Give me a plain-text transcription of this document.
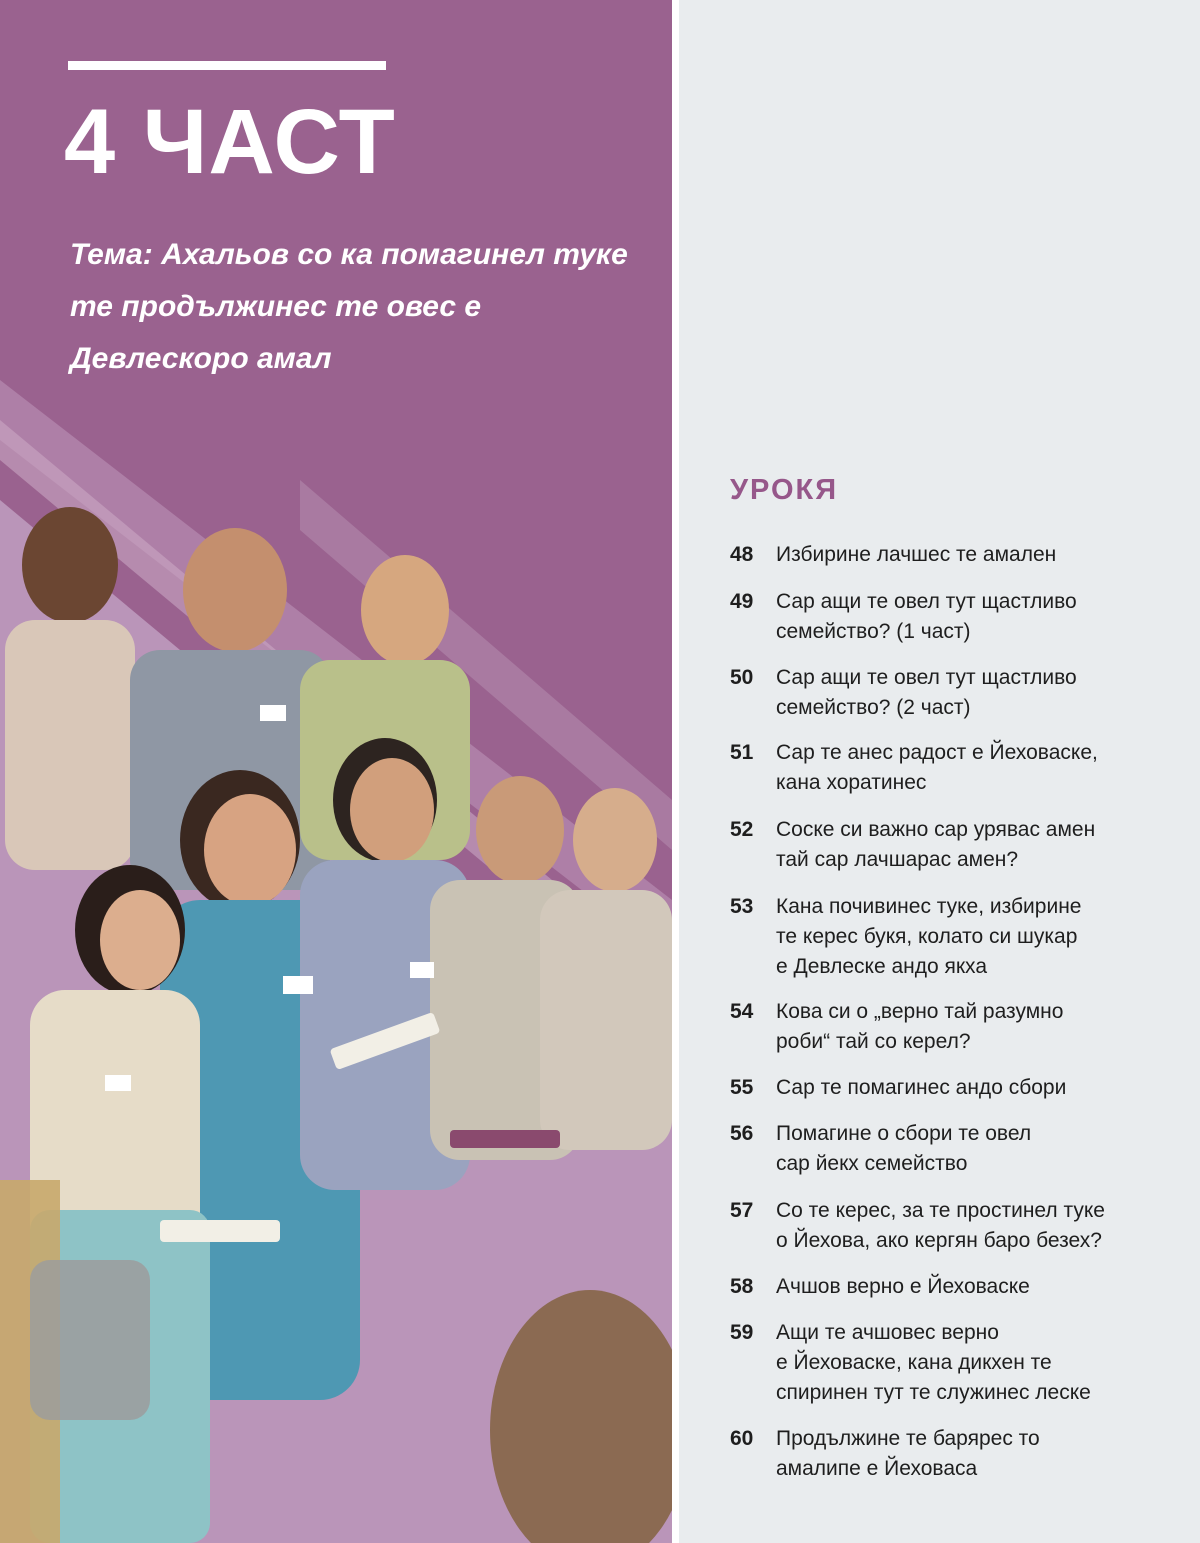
4 ЧАСТ

Тема: Ахальов со ка помагинел туке те продължинес те овес е Девлескоро амал

УРОКЯ
48	Избирине лачшес те амален
49	Сар ащи те овел тут щастливо
семейство? (1 част)
50	Сар ащи те овел тут щастливо
семейство? (2 част)
51	Сар те анес радост е Йеховаске,
кана хоратинес
52	Соске си важно сар урявас амен
тай сар лачшарас амен?
53	Кана почивинес туке, избирине
те керес букя, колато си шукар
е Девлеске андо якха
54	Кова си о „верно тай разумно
роби“ тай со керел?
55	Сар те помагинес андо сбори
56	Помагине о сбори те овел
сар йекх семейство
57	Со те керес, за те простинел туке
о Йехова, ако кергян баро безех?
58	Ачшов верно е Йеховаске
59	Ащи те ачшовес верно
е Йеховаске, кана дикхен те
спиринен тут те служинес леске
60	Продължине те барярес то
амалипе е Йеховаса
